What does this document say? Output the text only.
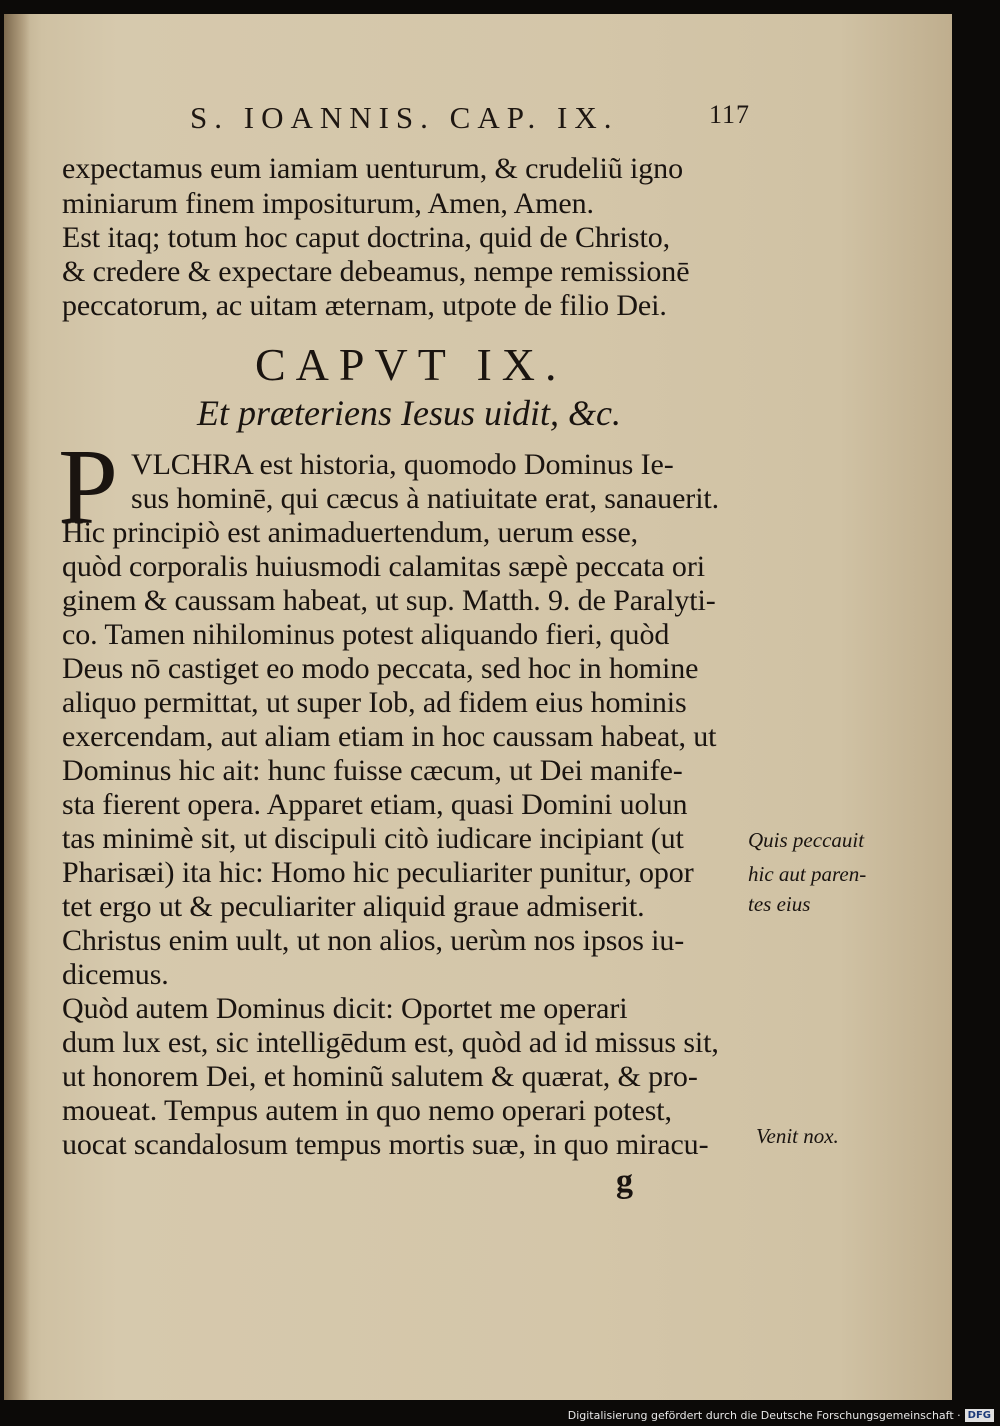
S. IOANNIS. CAP. IX.	117
expectamus eum iamiam uenturum, & crudeliũ igno
miniarum finem impositurum, Amen, Amen.
Est itaq; totum hoc caput doctrina, quid de Christo,
& credere & expectare debeamus, nempe remissionē
peccatorum, ac uitam æternam, utpote de filio Dei.
CAPVT IX.
Et præteriens Iesus uidit, &c.
P VLCHRA est historia, quomodo Dominus Ie-
sus hominē, qui cæcus à natiuitate erat, sanauerit.
Hic principiò est animaduertendum, uerum esse,
quòd corporalis huiusmodi calamitas sæpè peccata ori
ginem & caussam habeat, ut sup. Matth. 9. de Paralyti-
co. Tamen nihilominus potest aliquando fieri, quòd
Deus nō castiget eo modo peccata, sed hoc in homine
aliquo permittat, ut super Iob, ad fidem eius hominis
exercendam, aut aliam etiam in hoc caussam habeat, ut
Dominus hic ait: hunc fuisse cæcum, ut Dei manife-
sta fierent opera. Apparet etiam, quasi Domini uolun
tas minimè sit, ut discipuli citò iudicare incipiant (ut
Pharisæi) ita hic: Homo hic peculiariter punitur, opor
tet ergo ut & peculiariter aliquid graue admiserit.
Christus enim uult, ut non alios, uerùm nos ipsos iu-
dicemus.
Quòd autem Dominus dicit: Oportet me operari
dum lux est, sic intelligēdum est, quòd ad id missus sit,
ut honorem Dei, et hominũ salutem & quærat, & pro-
moueat. Tempus autem in quo nemo operari potest,
uocat scandalosum tempus mortis suæ, in quo miracu-
Quis peccauit
hic aut paren-
tes eius
Venit nox.
g
Digitalisierung gefördert durch die Deutsche Forschungsgemeinschaft · DFG
